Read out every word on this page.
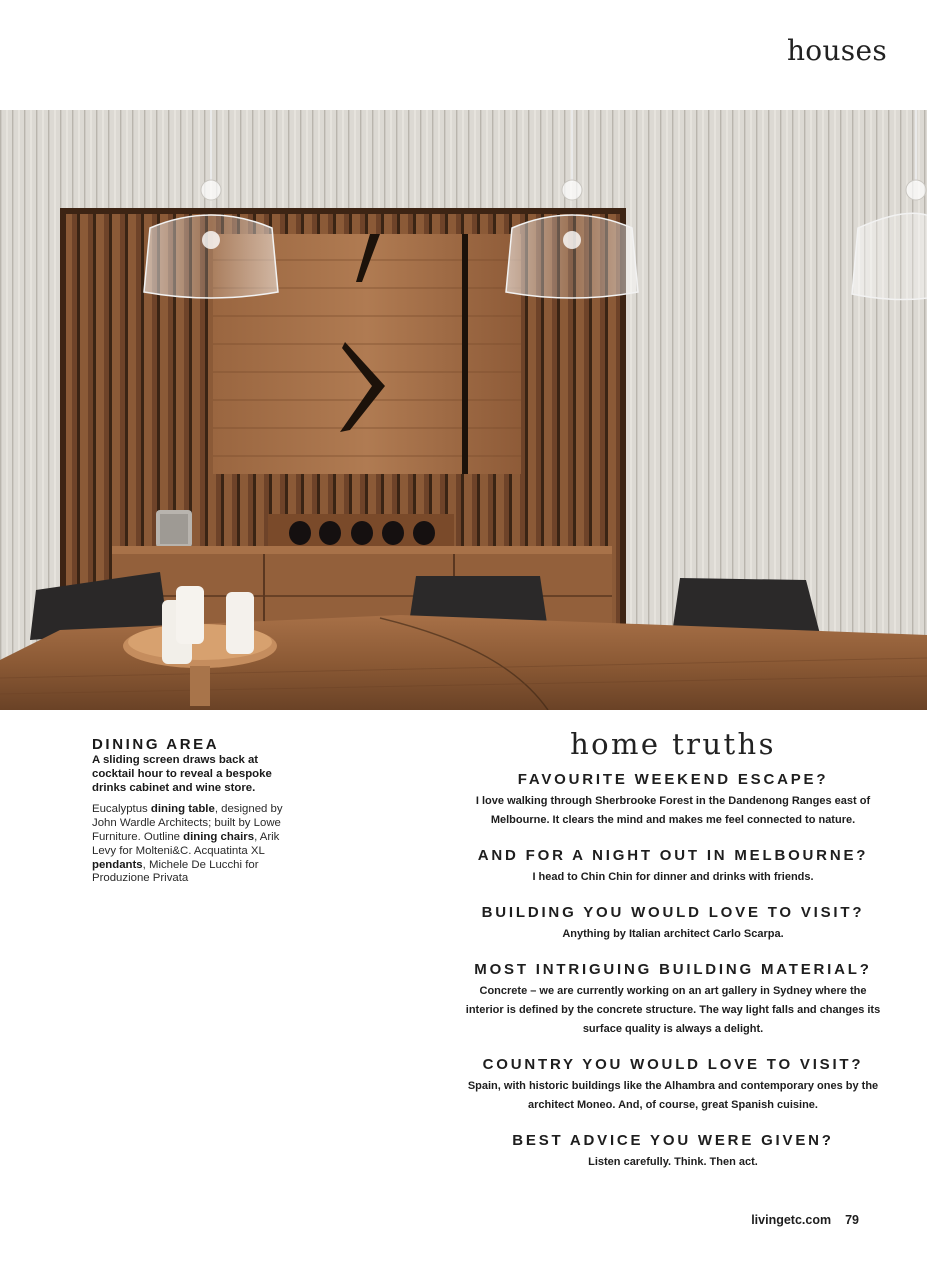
houses
DINING AREA
A sliding screen draws back at cocktail hour to reveal a bespoke drinks cabinet and wine store.
Eucalyptus dining table, designed by John Wardle Architects; built by Lowe Furniture. Outline dining chairs, Arik Levy for Molteni&C. Acquatinta XL pendants, Michele De Lucchi for Produzione Privata
home truths
FAVOURITE WEEKEND ESCAPE?
I love walking through Sherbrooke Forest in the Dandenong Ranges east of Melbourne. It clears the mind and makes me feel connected to nature.
AND FOR A NIGHT OUT IN MELBOURNE?
I head to Chin Chin for dinner and drinks with friends.
BUILDING YOU WOULD LOVE TO VISIT?
Anything by Italian architect Carlo Scarpa.
MOST INTRIGUING BUILDING MATERIAL?
Concrete – we are currently working on an art gallery in Sydney where the interior is defined by the concrete structure. The way light falls and changes its surface quality is always a delight.
COUNTRY YOU WOULD LOVE TO VISIT?
Spain, with historic buildings like the Alhambra and contemporary ones by the architect Moneo. And, of course, great Spanish cuisine.
BEST ADVICE YOU WERE GIVEN?
Listen carefully. Think. Then act.
livingetc.com 79
